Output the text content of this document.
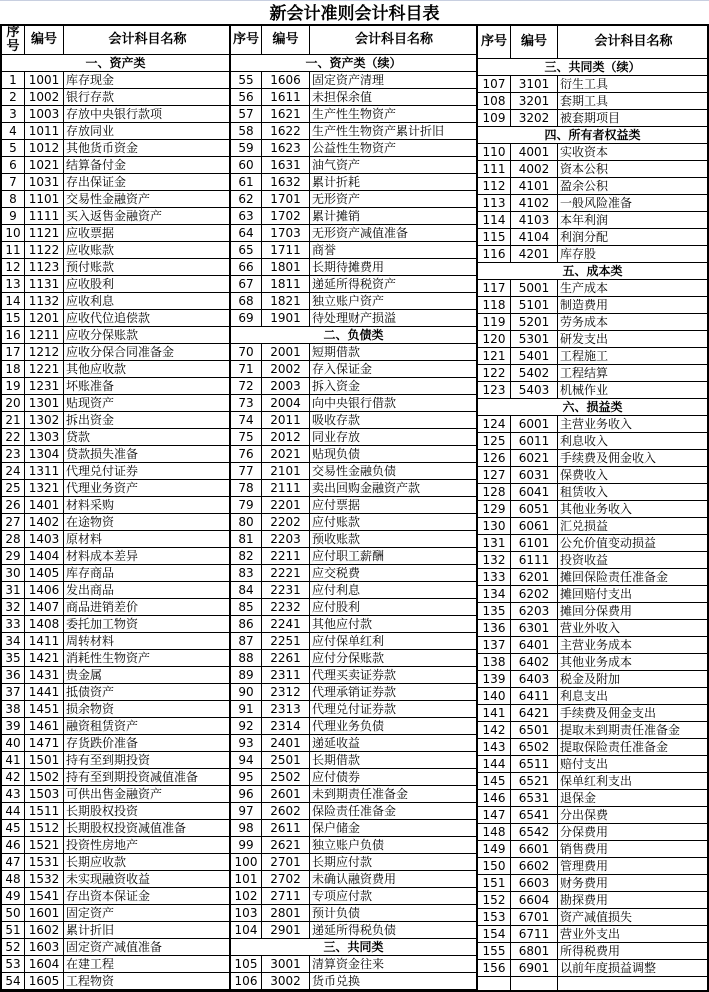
新会计准则会计科目表
序号 编号	会计科目名称
一、资产类
1 1001 库存现金
2 1002 银行存款
3 1003 存放中央银行款项
4 1011 存放同业
5 1012 其他货币资金
6 1021 结算备付金
7 1031 存出保证金
8 1101 交易性金融资产
9 1111 买入返售金融资产
10 1121 应收票据
11 1122 应收账款
12 1123 预付账款
13 1131 应收股利
14 1132 应收利息
15 1201 应收代位追偿款
16 1211 应收分保账款
17 1212 应收分保合同准备金
18 1221 其他应收款
19 1231 坏账准备
20 1301 贴现资产
21 1302 拆出资金
22 1303 贷款
23 1304 贷款损失准备
24 1311 代理兑付证券
25 1321 代理业务资产
26 1401 材料采购
27 1402 在途物资
28 1403 原材料
29 1404 材料成本差异
30 1405 库存商品
31 1406 发出商品
32 1407 商品进销差价
33 1408 委托加工物资
34 1411 周转材料
35 1421 消耗性生物资产
36 1431 贵金属
37 1441 抵债资产
38 1451 损余物资
39 1461 融资租赁资产
40 1471 存货跌价准备
41 1501 持有至到期投资
42 1502 持有至到期投资减值准备
43 1503 可供出售金融资产
44 1511 长期股权投资
45 1512 长期股权投资减值准备
46 1521 投资性房地产
47 1531 长期应收款
48 1532 未实现融资收益
49 1541 存出资本保证金
50 1601 固定资产
51 1602 累计折旧
52 1603 固定资产减值准备
53 1604 在建工程
54 1605 工程物资
序号	编号	会计科目名称
一、资产类（续）
55	1606 固定资产清理
56	1611 未担保余值
57	1621 生产性生物资产
58	1622 生产性生物资产累计折旧
59	1623 公益性生物资产
60	1631 油气资产
61	1632 累计折耗
62	1701 无形资产
63	1702 累计摊销
64	1703 无形资产减值准备
65	1711 商誉
66	1801 长期待摊费用
67	1811 递延所得税资产
68	1821 独立账户资产
69	1901 待处理财产损溢
二、负债类
70	2001 短期借款
71	2002 存入保证金
72	2003 拆入资金
73	2004 向中央银行借款
74	2011 吸收存款
75	2012 同业存放
76	2021 贴现负债
77	2101 交易性金融负债
78	2111 卖出回购金融资产款
79	2201 应付票据
80	2202 应付账款
81	2203 预收账款
82	2211 应付职工薪酬
83	2221 应交税费
84	2231 应付利息
85	2232 应付股利
86	2241 其他应付款
87	2251 应付保单红利
88	2261 应付分保账款
89	2311 代理买卖证券款
90	2312 代理承销证券款
91	2313 代理兑付证券款
92	2314 代理业务负债
93	2401 递延收益
94	2501 长期借款
95	2502 应付债券
96	2601 未到期责任准备金
97	2602 保险责任准备金
98	2611 保户储金
99	2621 独立账户负债
100	2701 长期应付款
101	2702 未确认融资费用
102	2711 专项应付款
103	2801 预计负债
104	2901 递延所得税负债
三、共同类
105	3001 清算资金往来
106	3002 货币兑换
序号	编号	会计科目名称
三、共同类（续）
107	3101 衍生工具
108	3201 套期工具
109	3202 被套期项目
四、所有者权益类
110	4001 实收资本
111	4002 资本公积
112	4101 盈余公积
113	4102 一般风险准备
114	4103 本年利润
115	4104 利润分配
116	4201 库存股
五、成本类
117	5001 生产成本
118	5101 制造费用
119	5201 劳务成本
120	5301 研发支出
121	5401 工程施工
122	5402 工程结算
123	5403 机械作业
六、损益类
124	6001 主营业务收入
125	6011 利息收入
126	6021 手续费及佣金收入
127	6031 保费收入
128	6041 租赁收入
129	6051 其他业务收入
130	6061 汇兑损益
131	6101 公允价值变动损益
132	6111 投资收益
133	6201 摊回保险责任准备金
134	6202 摊回赔付支出
135	6203 摊回分保费用
136	6301 营业外收入
137	6401 主营业务成本
138	6402 其他业务成本
139	6403 税金及附加
140	6411 利息支出
141	6421 手续费及佣金支出
142	6501 提取未到期责任准备金
143	6502 提取保险责任准备金
144	6511 赔付支出
145	6521 保单红利支出
146	6531 退保金
147	6541 分出保费
148	6542 分保费用
149	6601 销售费用
150	6602 管理费用
151	6603 财务费用
152	6604 勘探费用
153	6701 资产减值损失
154	6711 营业外支出
155	6801 所得税费用
156	6901 以前年度损益调整
